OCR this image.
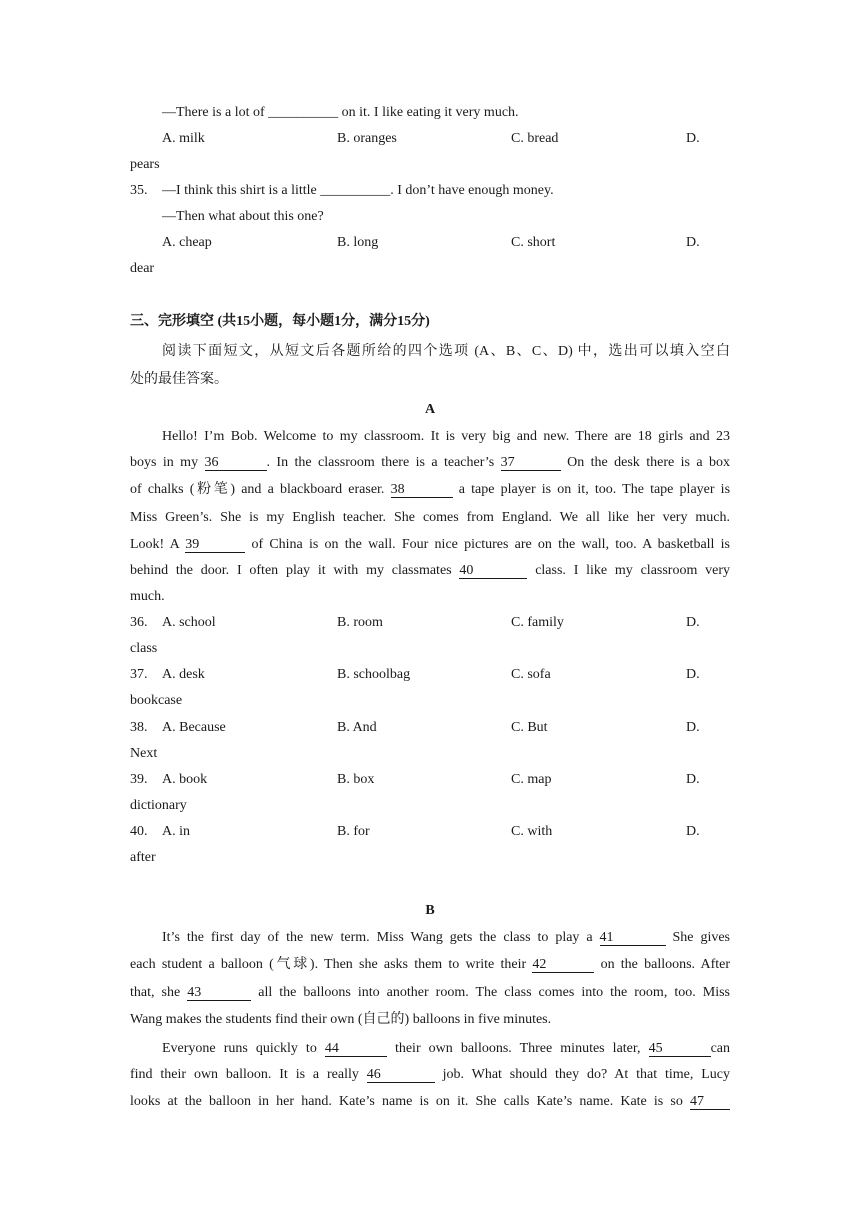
—There is a lot of __________ on it. I like eating it very much.
A. milk	B. oranges	C. bread	D.
pears
35. —I think this shirt is a little __________. I don’t have enough money.
—Then what about this one?
A. cheap	B. long	C. short	D.
dear
三、完形填空 (共15小题，每小题1分，满分15分)
阅读下面短文，从短文后各题所给的四个选项 (A、B、C、D) 中，选出可以填入空白
处的最佳答案。
A
Hello! I’m Bob. Welcome to my classroom. It is very big and new. There are 18 girls and 23
boys in my 36	. In the classroom there is a teacher’s 37	On the desk there is a box
of chalks (粉笔) and a blackboard eraser. 38	a tape player is on it, too. The tape player is
Miss Green’s. She is my English teacher. She comes from England. We all like her very much.
Look! A 39	of China is on the wall. Four nice pictures are on the wall, too. A basketball is
behind the door. I often play it with my classmates 40	class. I like my classroom very
much.
36. A. school	B. room	C. family	D.
class
37. A. desk	B. schoolbag	C. sofa	D.
bookcase
38. A. Because	B. And	C. But	D.
Next
39. A. book	B. box	C. map	D.
dictionary
40. A. in	B. for	C. with	D.
after
B
It’s the first day of the new term. Miss Wang gets the class to play a 41	She gives
each student a balloon (气球). Then she asks them to write their 42	on the balloons. After
that, she 43	all the balloons into another room. The class comes into the room, too. Miss
Wang makes the students find their own (自己的) balloons in five minutes.
Everyone runs quickly to 44	their own balloons. Three minutes later, 45	can
find their own balloon. It is a really 46	job. What should they do? At that time, Lucy
looks at the balloon in her hand. Kate’s name is on it. She calls Kate’s name. Kate is so 47
